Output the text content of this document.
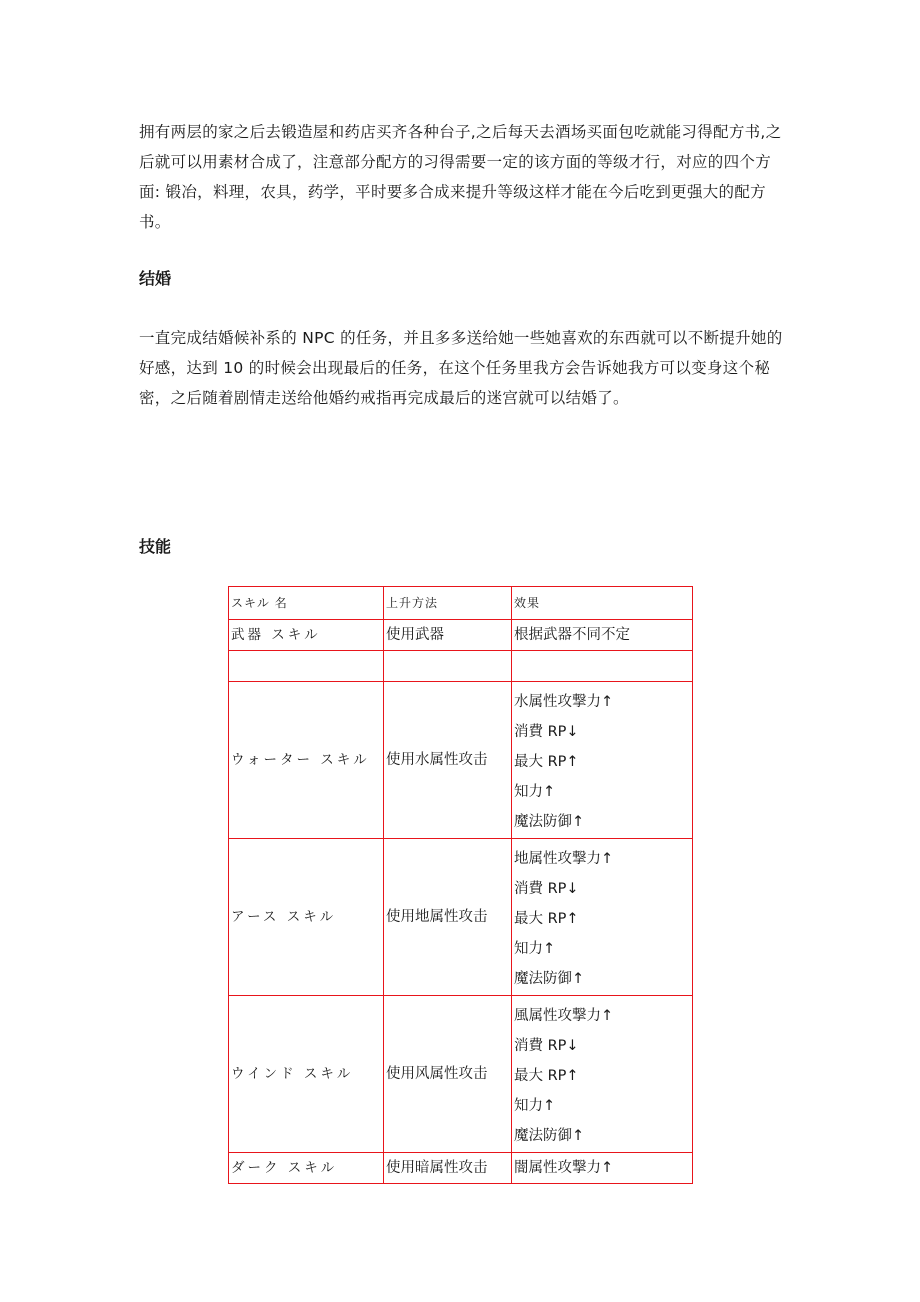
拥有两层的家之后去锻造屋和药店买齐各种台子,之后每天去酒场买面包吃就能习得配方书,之后就可以用素材合成了，注意部分配方的习得需要一定的该方面的等级才行，对应的四个方面: 锻冶，料理，农具，药学，平时要多合成来提升等级这样才能在今后吃到更强大的配方书。

结婚

一直完成结婚候补系的 NPC 的任务，并且多多送给她一些她喜欢的东西就可以不断提升她的好感，达到 10 的时候会出现最后的任务，在这个任务里我方会告诉她我方可以变身这个秘密，之后随着剧情走送给他婚约戒指再完成最后的迷宫就可以结婚了。

技能
スキル 名	上升方法	效果
武器 スキル	使用武器	根据武器不同不定

ウォーター スキル	使用水属性攻击	水属性攻撃力↑
消費 RP↓
最大 RP↑
知力↑
魔法防御↑

アース スキル	使用地属性攻击	地属性攻撃力↑
消費 RP↓
最大 RP↑
知力↑
魔法防御↑

ウインド スキル	使用风属性攻击	風属性攻撃力↑
消費 RP↓
最大 RP↑
知力↑
魔法防御↑

ダーク スキル	使用暗属性攻击	闇属性攻撃力↑
